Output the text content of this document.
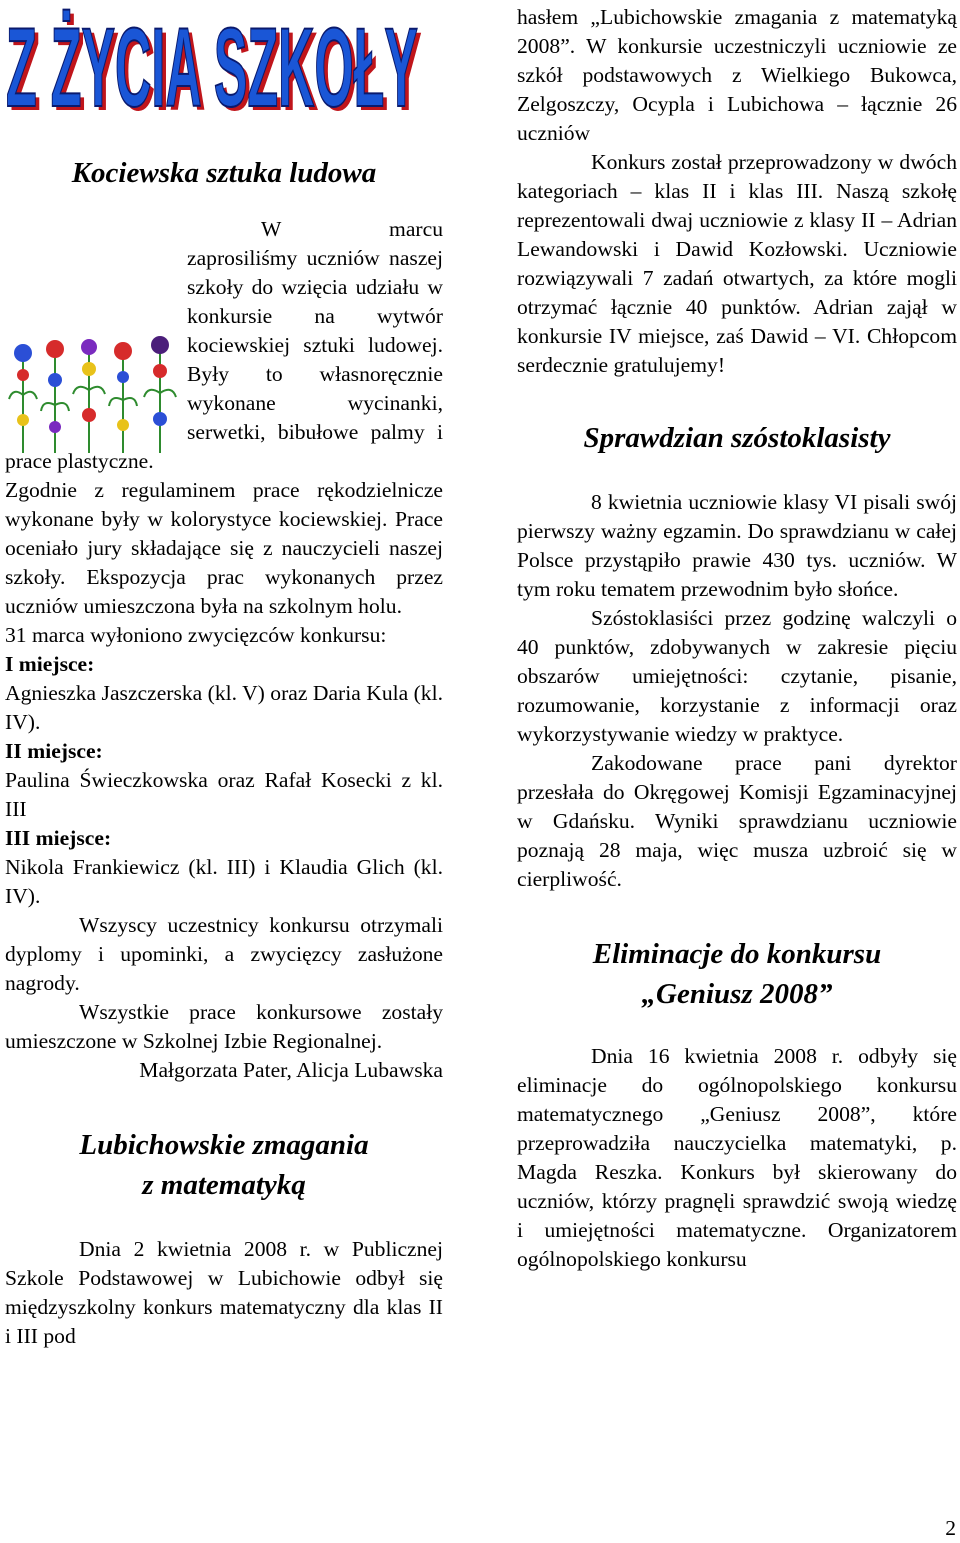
Z ŻYCIA SZKOŁY
Z ŻYCIA SZKOŁY
Kociewska sztuka ludowa

W marcu zaprosiliśmy uczniów naszej szkoły do wzięcia udziału w konkursie na wytwór kociewskiej sztuki ludowej. Były to własnoręcznie wykonane wycinanki, serwetki, bibułowe palmy i prace plastyczne.

Zgodnie z regulaminem prace rękodzielnicze wykonane były w kolorystyce kociewskiej. Prace oceniało jury składające się z nauczycieli naszej szkoły. Ekspozycja prac wykonanych przez uczniów umieszczona była na szkolnym holu.

31 marca wyłoniono zwycięzców konkursu:

I miejsce:

Agnieszka Jaszczerska (kl. V) oraz Daria Kula (kl. IV).

II miejsce:

Paulina Świeczkowska oraz Rafał Kosecki z kl. III

III miejsce:

Nikola Frankiewicz (kl. III) i Klaudia Glich (kl. IV).

Wszyscy uczestnicy konkursu otrzymali dyplomy i upominki, a zwycięzcy zasłużone nagrody.

Wszystkie prace konkursowe zostały umieszczone w Szkolnej Izbie Regionalnej.

Małgorzata Pater, Alicja Lubawska

Lubichowskie zmagania
z matematyką

Dnia 2 kwietnia 2008 r. w Publicznej Szkole Podstawowej w Lubichowie odbył się międzyszkolny konkurs matematyczny dla klas II i III pod

hasłem „Lubichowskie zmagania z matematyką 2008”. W konkursie uczestniczyli uczniowie ze szkół podstawowych z Wielkiego Bukowca, Zelgoszczy, Ocypla i Lubichowa – łącznie 26 uczniów

Konkurs został przeprowadzony w dwóch kategoriach – klas II i klas III. Naszą szkołę reprezentowali dwaj uczniowie z klasy II – Adrian Lewandowski i Dawid Kozłowski. Uczniowie rozwiązywali 7 zadań otwartych, za które mogli otrzymać łącznie 40 punktów. Adrian zajął w konkursie IV miejsce, zaś Dawid – VI. Chłopcom serdecznie gratulujemy!

Sprawdzian szóstoklasisty

8 kwietnia uczniowie klasy VI pisali swój pierwszy ważny egzamin. Do sprawdzianu w całej Polsce przystąpiło prawie 430 tys. uczniów. W tym roku tematem przewodnim było słońce.

Szóstoklasiści przez godzinę walczyli o 40 punktów, zdobywanych w zakresie pięciu obszarów umiejętności: czytanie, pisanie, rozumowanie, korzystanie z informacji oraz wykorzystywanie wiedzy w praktyce.

Zakodowane prace pani dyrektor przesłała do Okręgowej Komisji Egzaminacyjnej w Gdańsku. Wyniki sprawdzianu uczniowie poznają 28 maja, więc musza uzbroić się w cierpliwość.

Eliminacje do konkursu
„Geniusz 2008”

Dnia 16 kwietnia 2008 r. odbyły się eliminacje do ogólnopolskiego konkursu matematycznego „Geniusz 2008”, które przeprowadziła nauczycielka matematyki, p. Magda Reszka. Konkurs był skierowany do uczniów, którzy pragnęli sprawdzić swoją wiedzę i umiejętności matematyczne. Organizatorem ogólnopolskiego konkursu

2
